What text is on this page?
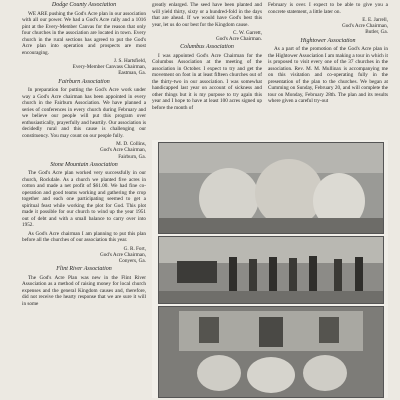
Dodge County Association

WE ARE pushing the God's Acre plan in our association with all our power. We had a God's Acre rally and a 1016 pint at the Every-Member Canvas for the reason that only four churches in the association are located in town. Every church in the rural sections has agreed to put the God's Acre plan into operation and prospects are most encouraging.

J. S. Hartsfield,
Every-Member Canvass Chairman,
Eastman, Ga.

Fairburn Association

In preparation for putting the God's Acre work under way a God's Acre chairman has been appointed in every church in the Fairburn Association. We have planned a series of conferences in every church during February and we believe our people will put this program over enthusiastically, prayerfully and heartily. Our association is decidedly rural and this cause is challenging our constituency. You may count on our people fully.

M. D. Collins,
God's Acre Chairman,
Fairburn, Ga.

Stone Mountain Association

The God's Acre plan worked very successfully in our church, Rockdale. As a church we planted five acres in cotton and made a net profit of $61.00. We had fine co-operation and good teams working and gathering the crop together and each one participating seemed to get a spiritual feast while working the plot for God. This plot made it possible for our church to wind up the year 1951 out of debt and with a small balance to carry over into 1952.

As God's Acre chairman I am planning to put this plan before all the churches of our association this year.

G. R. Fort,
God's Acre Chairman,
Conyers, Ga.

Flint River Association

The God's Acre Plan was new in the Flint River Association as a method of raising money for local church expenses and the general Kingdom causes and, therefore, did not receive the hearty response that we are sure it will in some

greatly enlarged. The seed have been planted and will yield thirty, sixty or a hundred-fold in the days that are ahead. If we would have God's best this year, let us do our best for the Kingdom cause.

C. W. Garrett,
God's Acre Chairman.

Columbus Association

I was appointed God's Acre Chairman for the Columbus Association at the meeting of the association in October. I expect to try and get the movement on foot in at least fifteen churches out of the thirty-two in our association. I was somewhat handicapped last year on account of sickness and other things but it is my purpose to try again this year and I hope to have at least 100 acres signed up before the month of

February is over. I expect to be able to give you a concrete statement, a little later on.

E. E. Jarrell,
God's Acre Chairman,
Butler, Ga.

Hightower Association

As a part of the promotion of the God's Acre plan in the Hightower Association I am making a tour in which it is proposed to visit every one of the 37 churches in the association. Rev. M. M. Mullinax is accompanying me on this visitation and co-operating fully in the presentation of the plan to the churches. We began at Cumming on Sunday, February 20, and will complete the tour on Monday, February 28th. The plan and its results where given a careful try-out
